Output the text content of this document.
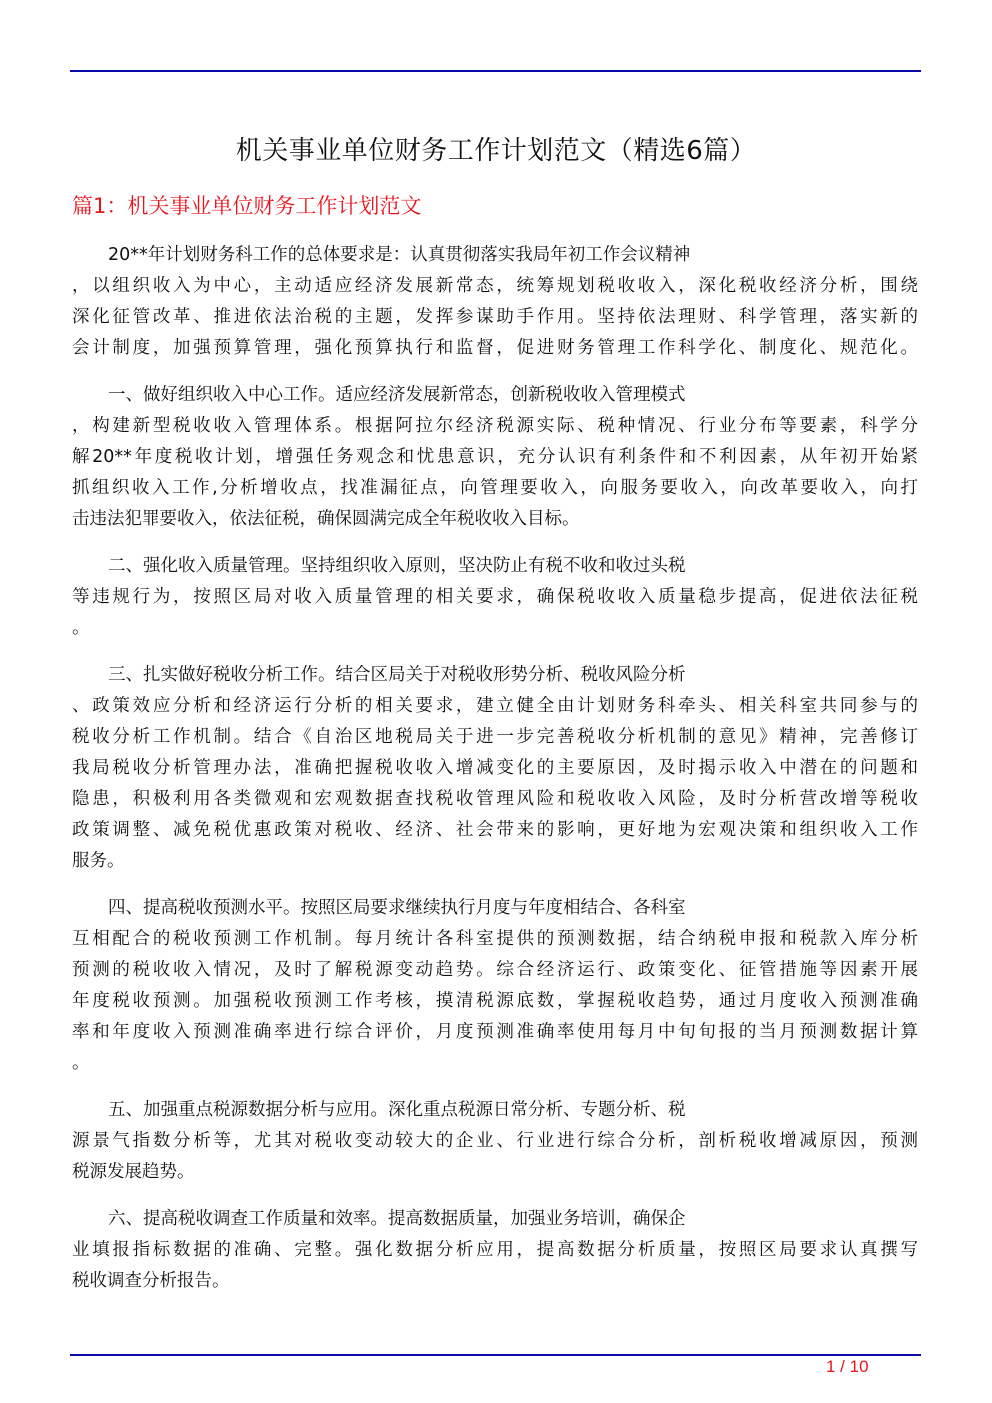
机关事业单位财务工作计划范文（精选6篇）
篇1：机关事业单位财务工作计划范文
20**年计划财务科工作的总体要求是：认真贯彻落实我局年初工作会议精神
，以组织收入为中心，主动适应经济发展新常态，统筹规划税收收入，深化税收经济分析，围绕
深化征管改革、推进依法治税的主题，发挥参谋助手作用。坚持依法理财、科学管理，落实新的
会计制度，加强预算管理，强化预算执行和监督，促进财务管理工作科学化、制度化、规范化。
一、做好组织收入中心工作。适应经济发展新常态，创新税收收入管理模式
，构建新型税收收入管理体系。根据阿拉尔经济税源实际、税种情况、行业分布等要素，科学分
解20**年度税收计划，增强任务观念和忧患意识，充分认识有利条件和不利因素，从年初开始紧
抓组织收入工作,分析增收点，找准漏征点，向管理要收入，向服务要收入，向改革要收入，向打
击违法犯罪要收入，依法征税，确保圆满完成全年税收收入目标。
二、强化收入质量管理。坚持组织收入原则，坚决防止有税不收和收过头税
等违规行为，按照区局对收入质量管理的相关要求，确保税收收入质量稳步提高，促进依法征税
。
三、扎实做好税收分析工作。结合区局关于对税收形势分析、税收风险分析
、政策效应分析和经济运行分析的相关要求，建立健全由计划财务科牵头、相关科室共同参与的
税收分析工作机制。结合《自治区地税局关于进一步完善税收分析机制的意见》精神，完善修订
我局税收分析管理办法，准确把握税收收入增减变化的主要原因，及时揭示收入中潜在的问题和
隐患，积极利用各类微观和宏观数据查找税收管理风险和税收收入风险，及时分析营改增等税收
政策调整、减免税优惠政策对税收、经济、社会带来的影响，更好地为宏观决策和组织收入工作
服务。
四、提高税收预测水平。按照区局要求继续执行月度与年度相结合、各科室
互相配合的税收预测工作机制。每月统计各科室提供的预测数据，结合纳税申报和税款入库分析
预测的税收收入情况，及时了解税源变动趋势。综合经济运行、政策变化、征管措施等因素开展
年度税收预测。加强税收预测工作考核，摸清税源底数，掌握税收趋势，通过月度收入预测准确
率和年度收入预测准确率进行综合评价，月度预测准确率使用每月中旬旬报的当月预测数据计算
。
五、加强重点税源数据分析与应用。深化重点税源日常分析、专题分析、税
源景气指数分析等，尤其对税收变动较大的企业、行业进行综合分析，剖析税收增减原因，预测
税源发展趋势。
六、提高税收调查工作质量和效率。提高数据质量，加强业务培训，确保企
业填报指标数据的准确、完整。强化数据分析应用，提高数据分析质量，按照区局要求认真撰写
税收调查分析报告。
1 / 10
